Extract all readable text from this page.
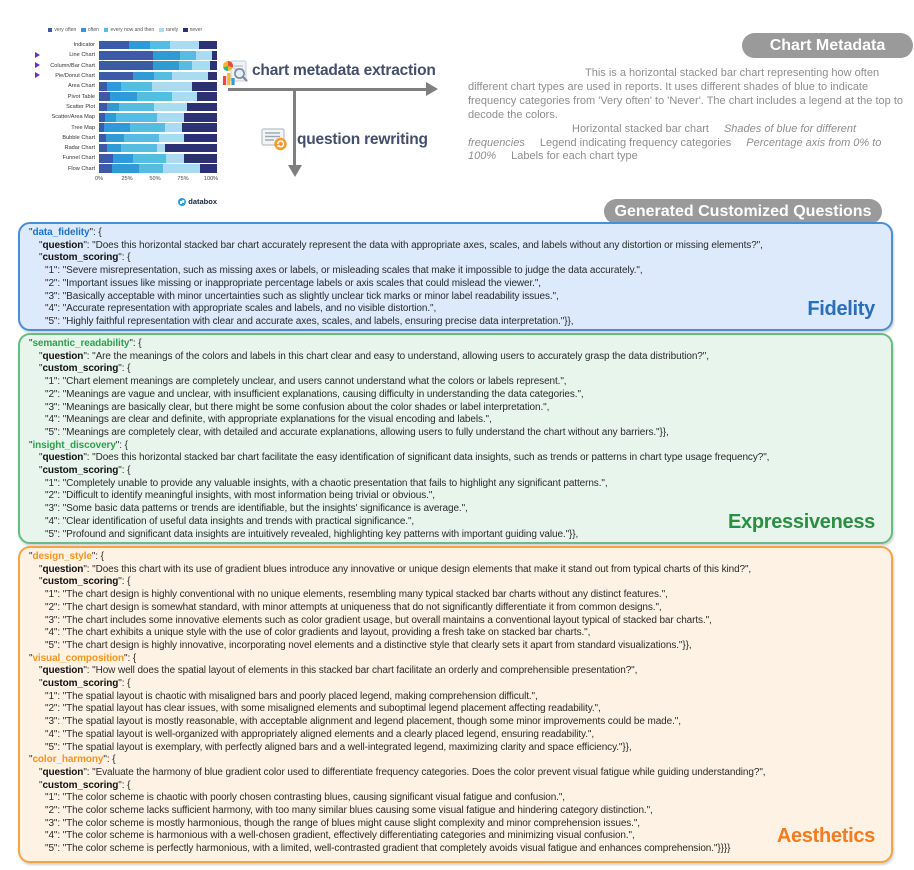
very often often every now and then rarely never
Indicator
Line Chart
Column/Bar Chart
Pie/Donut Chart
Area Chart
Pivot Table
Scatter Plot
Scatter/Area Map
Tree Map
Bubble Chart
Radar Chart
Funnel Chart
Flow Chart
0%	25%	50%	75%	100%
databox
chart metadata extraction
question rewriting
Chart Metadata

This is a horizontal stacked bar chart representing how often different chart types are used in reports. It uses different shades of blue to indicate frequency categories from 'Very often' to 'Never'. The chart includes a legend at the top to decode the colors.

Horizontal stacked bar chart Shades of blue for different frequencies Legend indicating frequency categories Percentage axis from 0% to 100% Labels for each chart type

Generated Customized Questions
"data_fidelity": {
"question": "Does this horizontal stacked bar chart accurately represent the data with appropriate axes, scales, and labels without any distortion or missing elements?",
"custom_scoring": {
"1": "Severe misrepresentation, such as missing axes or labels, or misleading scales that make it impossible to judge the data accurately.",
"2": "Important issues like missing or inappropriate percentage labels or axis scales that could mislead the viewer.",
"3": "Basically acceptable with minor uncertainties such as slightly unclear tick marks or minor label readability issues.",
"4": "Accurate representation with appropriate scales and labels, and no visible distortion.",
"5": "Highly faithful representation with clear and accurate axes, scales, and labels, ensuring precise data interpretation."}},
Fidelity
"semantic_readability": {
"question": "Are the meanings of the colors and labels in this chart clear and easy to understand, allowing users to accurately grasp the data distribution?",
"custom_scoring": {
"1": "Chart element meanings are completely unclear, and users cannot understand what the colors or labels represent.",
"2": "Meanings are vague and unclear, with insufficient explanations, causing difficulty in understanding the data categories.",
"3": "Meanings are basically clear, but there might be some confusion about the color shades or label interpretation.",
"4": "Meanings are clear and definite, with appropriate explanations for the visual encoding and labels.",
"5": "Meanings are completely clear, with detailed and accurate explanations, allowing users to fully understand the chart without any barriers."}},
"insight_discovery": {
"question": "Does this horizontal stacked bar chart facilitate the easy identification of significant data insights, such as trends or patterns in chart type usage frequency?",
"custom_scoring": {
"1": "Completely unable to provide any valuable insights, with a chaotic presentation that fails to highlight any significant patterns.",
"2": "Difficult to identify meaningful insights, with most information being trivial or obvious.",
"3": "Some basic data patterns or trends are identifiable, but the insights' significance is average.",
"4": "Clear identification of useful data insights and trends with practical significance.",
"5": "Profound and significant data insights are intuitively revealed, highlighting key patterns with important guiding value."}},
Expressiveness
"design_style": {
"question": "Does this chart with its use of gradient blues introduce any innovative or unique design elements that make it stand out from typical charts of this kind?",
"custom_scoring": {
"1": "The chart design is highly conventional with no unique elements, resembling many typical stacked bar charts without any distinct features.",
"2": "The chart design is somewhat standard, with minor attempts at uniqueness that do not significantly differentiate it from common designs.",
"3": "The chart includes some innovative elements such as color gradient usage, but overall maintains a conventional layout typical of stacked bar charts.",
"4": "The chart exhibits a unique style with the use of color gradients and layout, providing a fresh take on stacked bar charts.",
"5": "The chart design is highly innovative, incorporating novel elements and a distinctive style that clearly sets it apart from standard visualizations."}},
"visual_composition": {
"question": "How well does the spatial layout of elements in this stacked bar chart facilitate an orderly and comprehensible presentation?",
"custom_scoring": {
"1": "The spatial layout is chaotic with misaligned bars and poorly placed legend, making comprehension difficult.",
"2": "The spatial layout has clear issues, with some misaligned elements and suboptimal legend placement affecting readability.",
"3": "The spatial layout is mostly reasonable, with acceptable alignment and legend placement, though some minor improvements could be made.",
"4": "The spatial layout is well-organized with appropriately aligned elements and a clearly placed legend, ensuring readability.",
"5": "The spatial layout is exemplary, with perfectly aligned bars and a well-integrated legend, maximizing clarity and space efficiency."}},
"color_harmony": {
"question": "Evaluate the harmony of blue gradient color used to differentiate frequency categories. Does the color prevent visual fatigue while guiding understanding?",
"custom_scoring": {
"1": "The color scheme is chaotic with poorly chosen contrasting blues, causing significant visual fatigue and confusion.",
"2": "The color scheme lacks sufficient harmony, with too many similar blues causing some visual fatigue and hindering category distinction.",
"3": "The color scheme is mostly harmonious, though the range of blues might cause slight complexity and minor comprehension issues.",
"4": "The color scheme is harmonious with a well-chosen gradient, effectively differentiating categories and minimizing visual confusion.",
"5": "The color scheme is perfectly harmonious, with a limited, well-contrasted gradient that completely avoids visual fatigue and enhances comprehension."}}}}
Aesthetics
